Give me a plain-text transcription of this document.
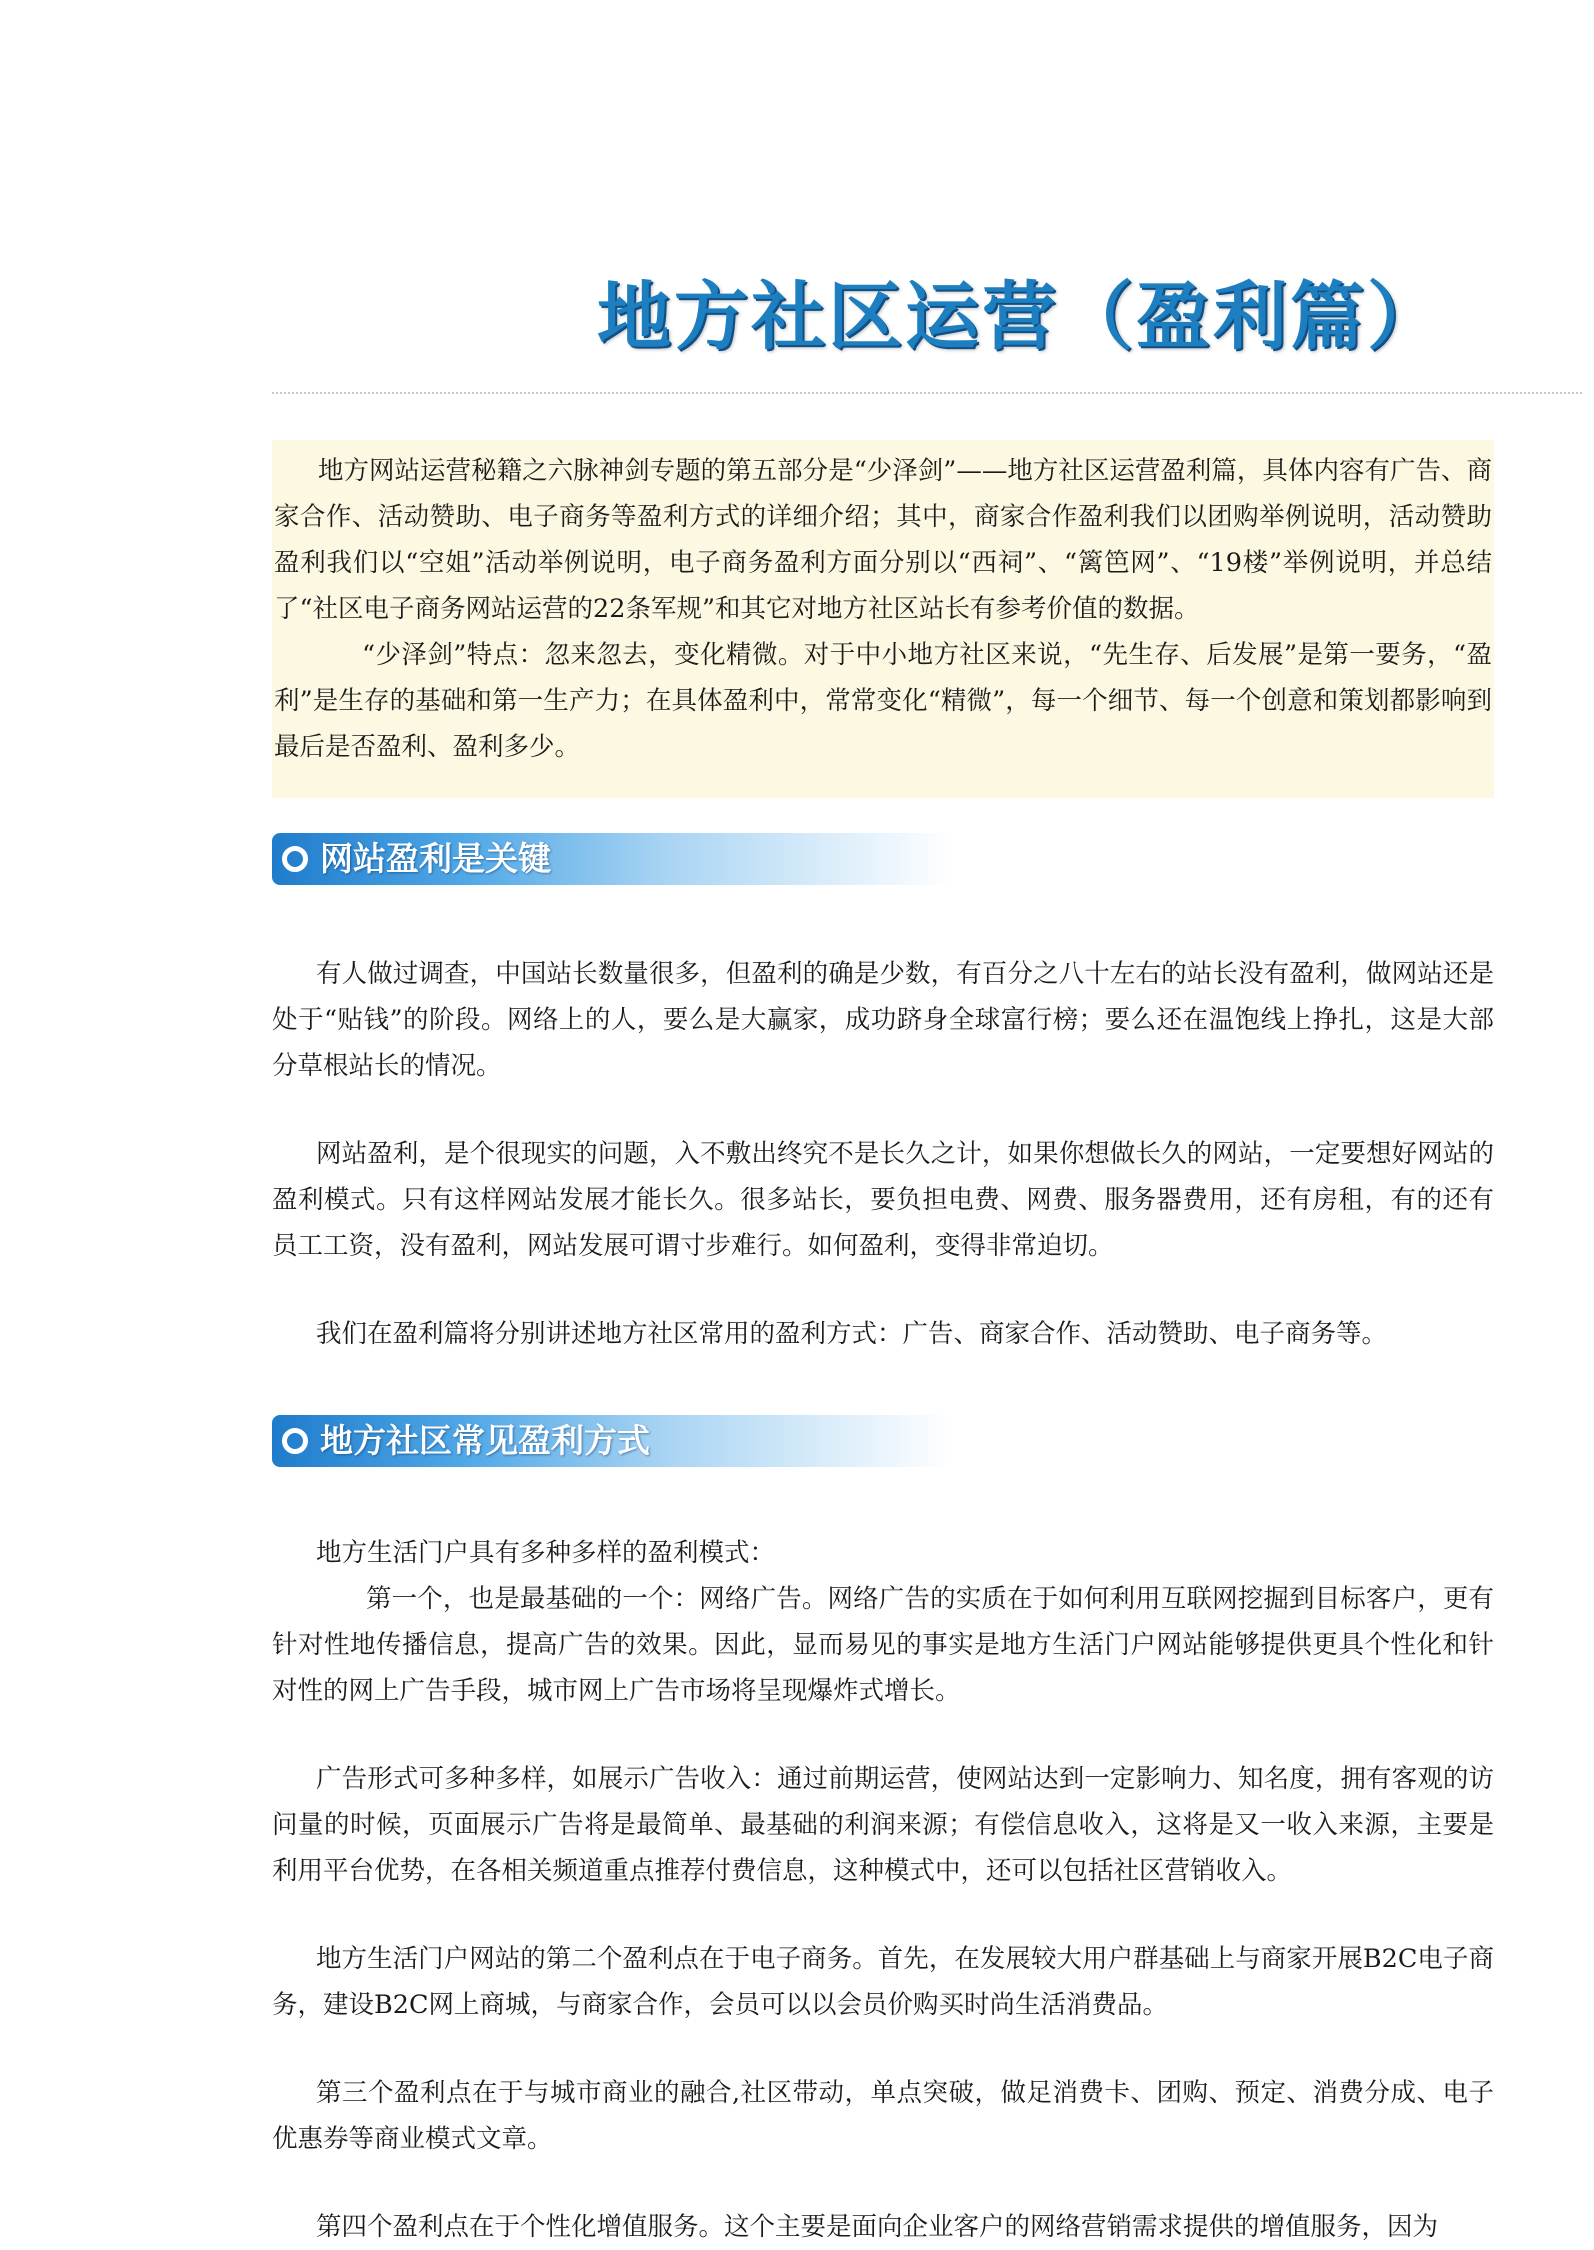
地方社区运营（盈利篇）

地方网站运营秘籍之六脉神剑专题的第五部分是“少泽剑”——地方社区运营盈利篇，具体内容有广告、商家合作、活动赞助、电子商务等盈利方式的详细介绍；其中，商家合作盈利我们以团购举例说明，活动赞助盈利我们以“空姐”活动举例说明，电子商务盈利方面分别以“西祠”、“篱笆网”、“19楼”举例说明，并总结了“社区电子商务网站运营的22条军规”和其它对地方社区站长有参考价值的数据。

“少泽剑”特点：忽来忽去，变化精微。对于中小地方社区来说，“先生存、后发展”是第一要务，“盈利”是生存的基础和第一生产力；在具体盈利中，常常变化“精微”，每一个细节、每一个创意和策划都影响到最后是否盈利、盈利多少。

网站盈利是关键

有人做过调查，中国站长数量很多，但盈利的确是少数，有百分之八十左右的站长没有盈利，做网站还是处于“贴钱”的阶段。网络上的人，要么是大赢家，成功跻身全球富行榜；要么还在温饱线上挣扎，这是大部分草根站长的情况。

网站盈利，是个很现实的问题，入不敷出终究不是长久之计，如果你想做长久的网站，一定要想好网站的盈利模式。只有这样网站发展才能长久。很多站长，要负担电费、网费、服务器费用，还有房租，有的还有员工工资，没有盈利，网站发展可谓寸步难行。如何盈利，变得非常迫切。

我们在盈利篇将分别讲述地方社区常用的盈利方式：广告、商家合作、活动赞助、电子商务等。

地方社区常见盈利方式

地方生活门户具有多种多样的盈利模式：

第一个，也是最基础的一个：网络广告。网络广告的实质在于如何利用互联网挖掘到目标客户，更有针对性地传播信息，提高广告的效果。因此，显而易见的事实是地方生活门户网站能够提供更具个性化和针对性的网上广告手段，城市网上广告市场将呈现爆炸式增长。

广告形式可多种多样，如展示广告收入：通过前期运营，使网站达到一定影响力、知名度，拥有客观的访问量的时候，页面展示广告将是最简单、最基础的利润来源；有偿信息收入，这将是又一收入来源，主要是利用平台优势，在各相关频道重点推荐付费信息，这种模式中，还可以包括社区营销收入。

地方生活门户网站的第二个盈利点在于电子商务。首先，在发展较大用户群基础上与商家开展B2C电子商务，建设B2C网上商城，与商家合作，会员可以以会员价购买时尚生活消费品。

第三个盈利点在于与城市商业的融合,社区带动，单点突破，做足消费卡、团购、预定、消费分成、电子优惠券等商业模式文章。

第四个盈利点在于个性化增值服务。这个主要是面向企业客户的网络营销需求提供的增值服务，因为
